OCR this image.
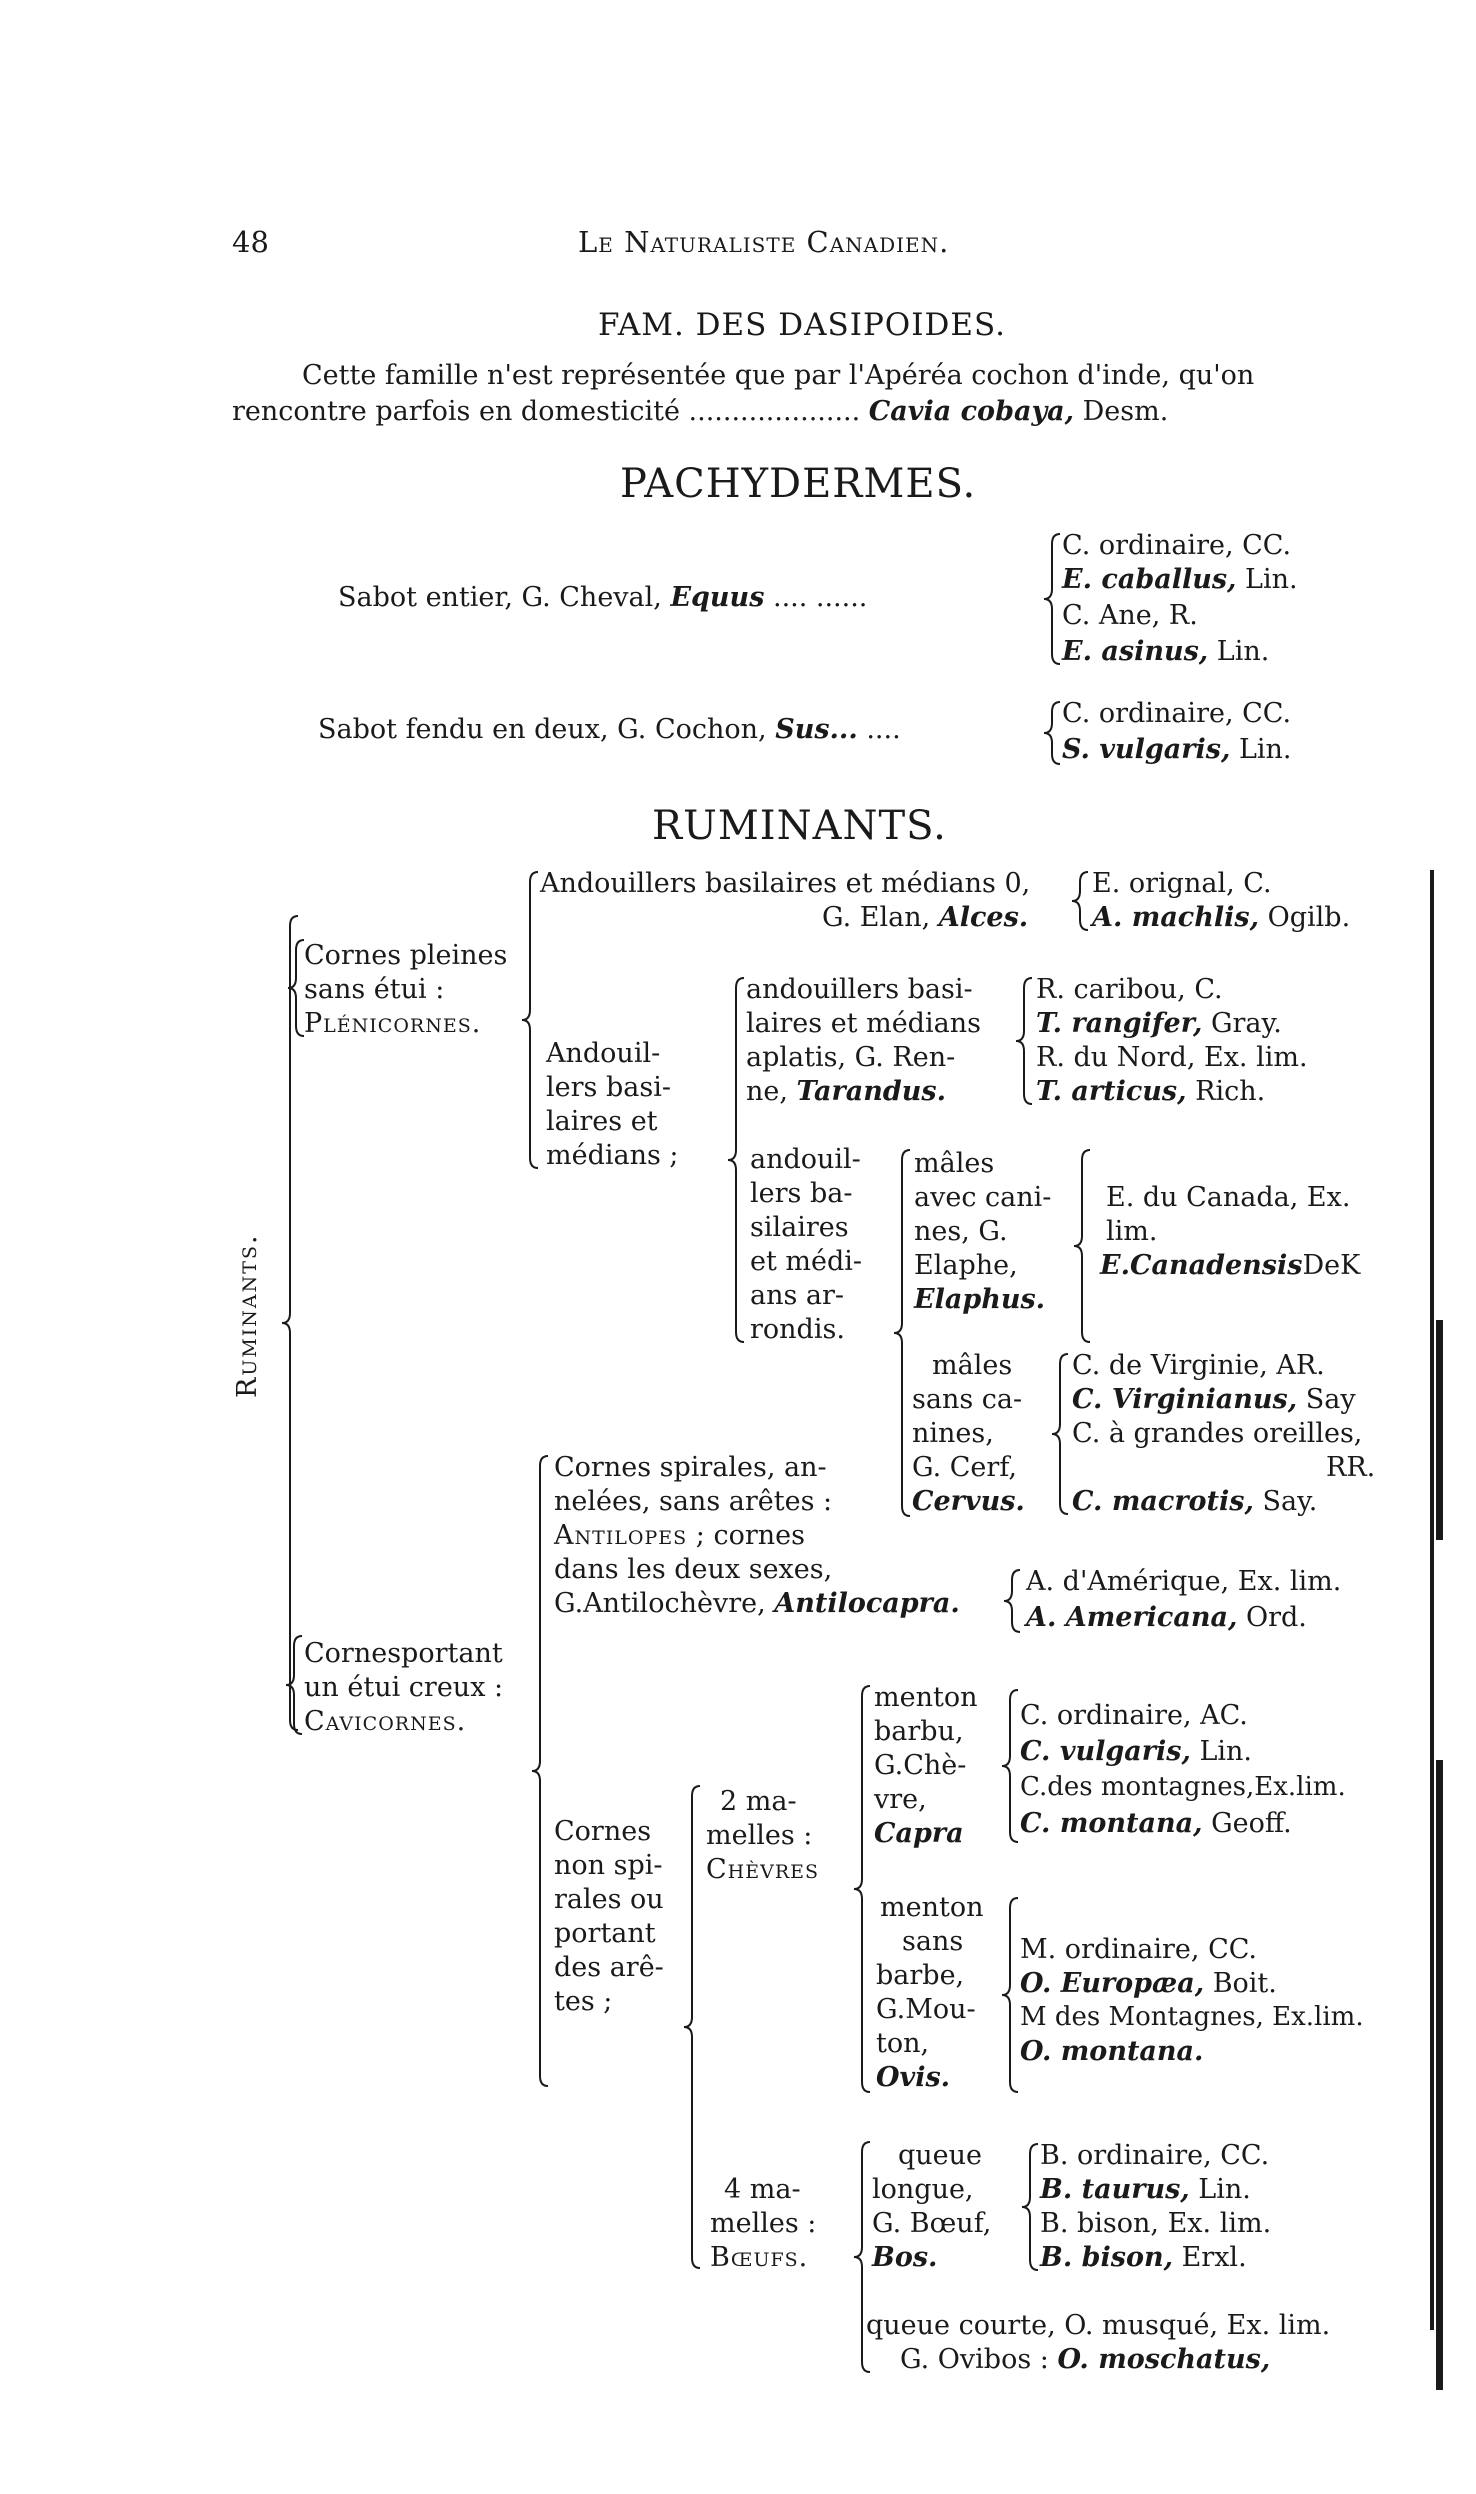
48	Le Naturaliste Canadien.
FAM. DES DASIPOIDES.
Cette famille n'est représentée que par l'Apéréa cochon d'inde, qu'on
rencontre parfois en domesticité .................... Cavia cobaya, Desm.
PACHYDERMES.
Sabot entier, G. Cheval, Equus .... ......
C. ordinaire, CC.
E. caballus, Lin.
C. Ane, R.
E. asinus, Lin.
Sabot fendu en deux, G. Cochon, Sus... ....
C. ordinaire, CC.
S. vulgaris, Lin.
RUMINANTS.
Ruminants.
Cornes pleines
sans étui :
Plénicornes.
Andouillers basilaires et médians 0,
G. Elan, Alces.
E. orignal, C.
A. machlis, Ogilb.
Andouil-
lers basi-
laires et
médians ;
andouillers basi-
laires et médians
aplatis, G. Ren-
ne, Tarandus.
R. caribou, C.
T. rangifer, Gray.
R. du Nord, Ex. lim.
T. articus, Rich.
andouil-
lers ba-
silaires
et médi-
ans ar-
rondis.
mâles
avec cani-
nes, G.
Elaphe,
Elaphus.
E. du Canada, Ex.
lim.
E.CanadensisDeK
mâles
sans ca-
nines,
G. Cerf,
Cervus.
C. de Virginie, AR.
C. Virginianus, Say
C. à grandes oreilles,
RR.
C. macrotis, Say.
Cornesportant
un étui creux :
Cavicornes.
Cornes spirales, an-
nelées, sans arêtes :
Antilopes ; cornes
dans les deux sexes,
G.Antilochèvre, Antilocapra.
A. d'Amérique, Ex. lim.
A. Americana, Ord.
Cornes
non spi-
rales ou
portant
des arê-
tes ;
2 ma-
melles :
Chèvres
menton
barbu,
G.Chè-
vre,
Capra
C. ordinaire, AC.
C. vulgaris, Lin.
C.des montagnes,Ex.lim.
C. montana, Geoff.
menton
sans
barbe,
G.Mou-
ton,
Ovis.
M. ordinaire, CC.
O. Europæa, Boit.
M des Montagnes, Ex.lim.
O. montana.
4 ma-
melles :
Bœufs.
queue
longue,
G. Bœuf,
Bos.
B. ordinaire, CC.
B. taurus, Lin.
B. bison, Ex. lim.
B. bison, Erxl.
queue courte, O. musqué, Ex. lim.
G. Ovibos : O. moschatus,
